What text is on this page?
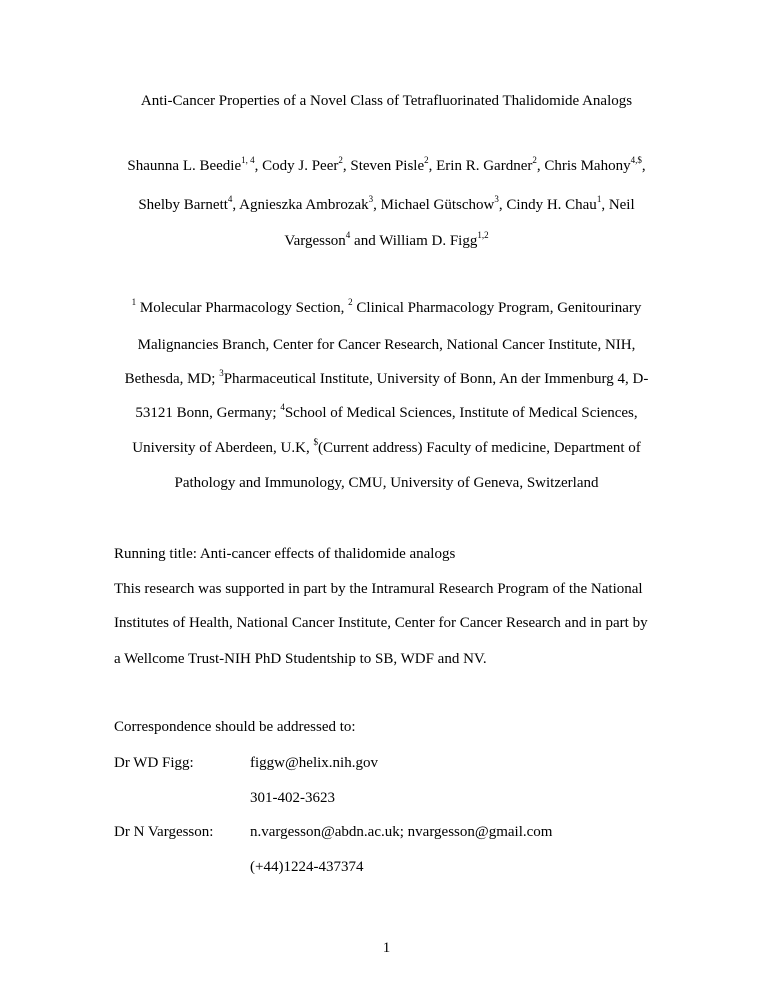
Anti-Cancer Properties of a Novel Class of Tetrafluorinated Thalidomide Analogs
Shaunna L. Beedie$^{1, 4}$, Cody J. Peer$^2$, Steven Pisle$^2$, Erin R. Gardner$^2$, Chris Mahony$^{4,\$}$,
Shelby Barnett$^4$, Agnieszka Ambrozak$^3$, Michael Gütschow$^3$, Cindy H. Chau$^1$, Neil
Vargesson$^4$ and William D. Figg$^{1,2}$
$^1$ Molecular Pharmacology Section, $^2$ Clinical Pharmacology Program, Genitourinary
Malignancies Branch, Center for Cancer Research, National Cancer Institute, NIH,
Bethesda, MD; $^3$Pharmaceutical Institute, University of Bonn, An der Immenburg 4, D-
53121 Bonn, Germany; $^4$School of Medical Sciences, Institute of Medical Sciences,
University of Aberdeen, U.K, $(Current address) Faculty of medicine, Department of
Pathology and Immunology, CMU, University of Geneva, Switzerland
Running title: Anti-cancer effects of thalidomide analogs
This research was supported in part by the Intramural Research Program of the National
Institutes of Health, National Cancer Institute, Center for Cancer Research and in part by
a Wellcome Trust-NIH PhD Studentship to SB, WDF and NV.
Correspondence should be addressed to:
Dr WD Figg:	figgw@helix.nih.gov
301-402-3623
Dr N Vargesson: n.vargesson@abdn.ac.uk; nvargesson@gmail.com
(+44)1224-437374
1
